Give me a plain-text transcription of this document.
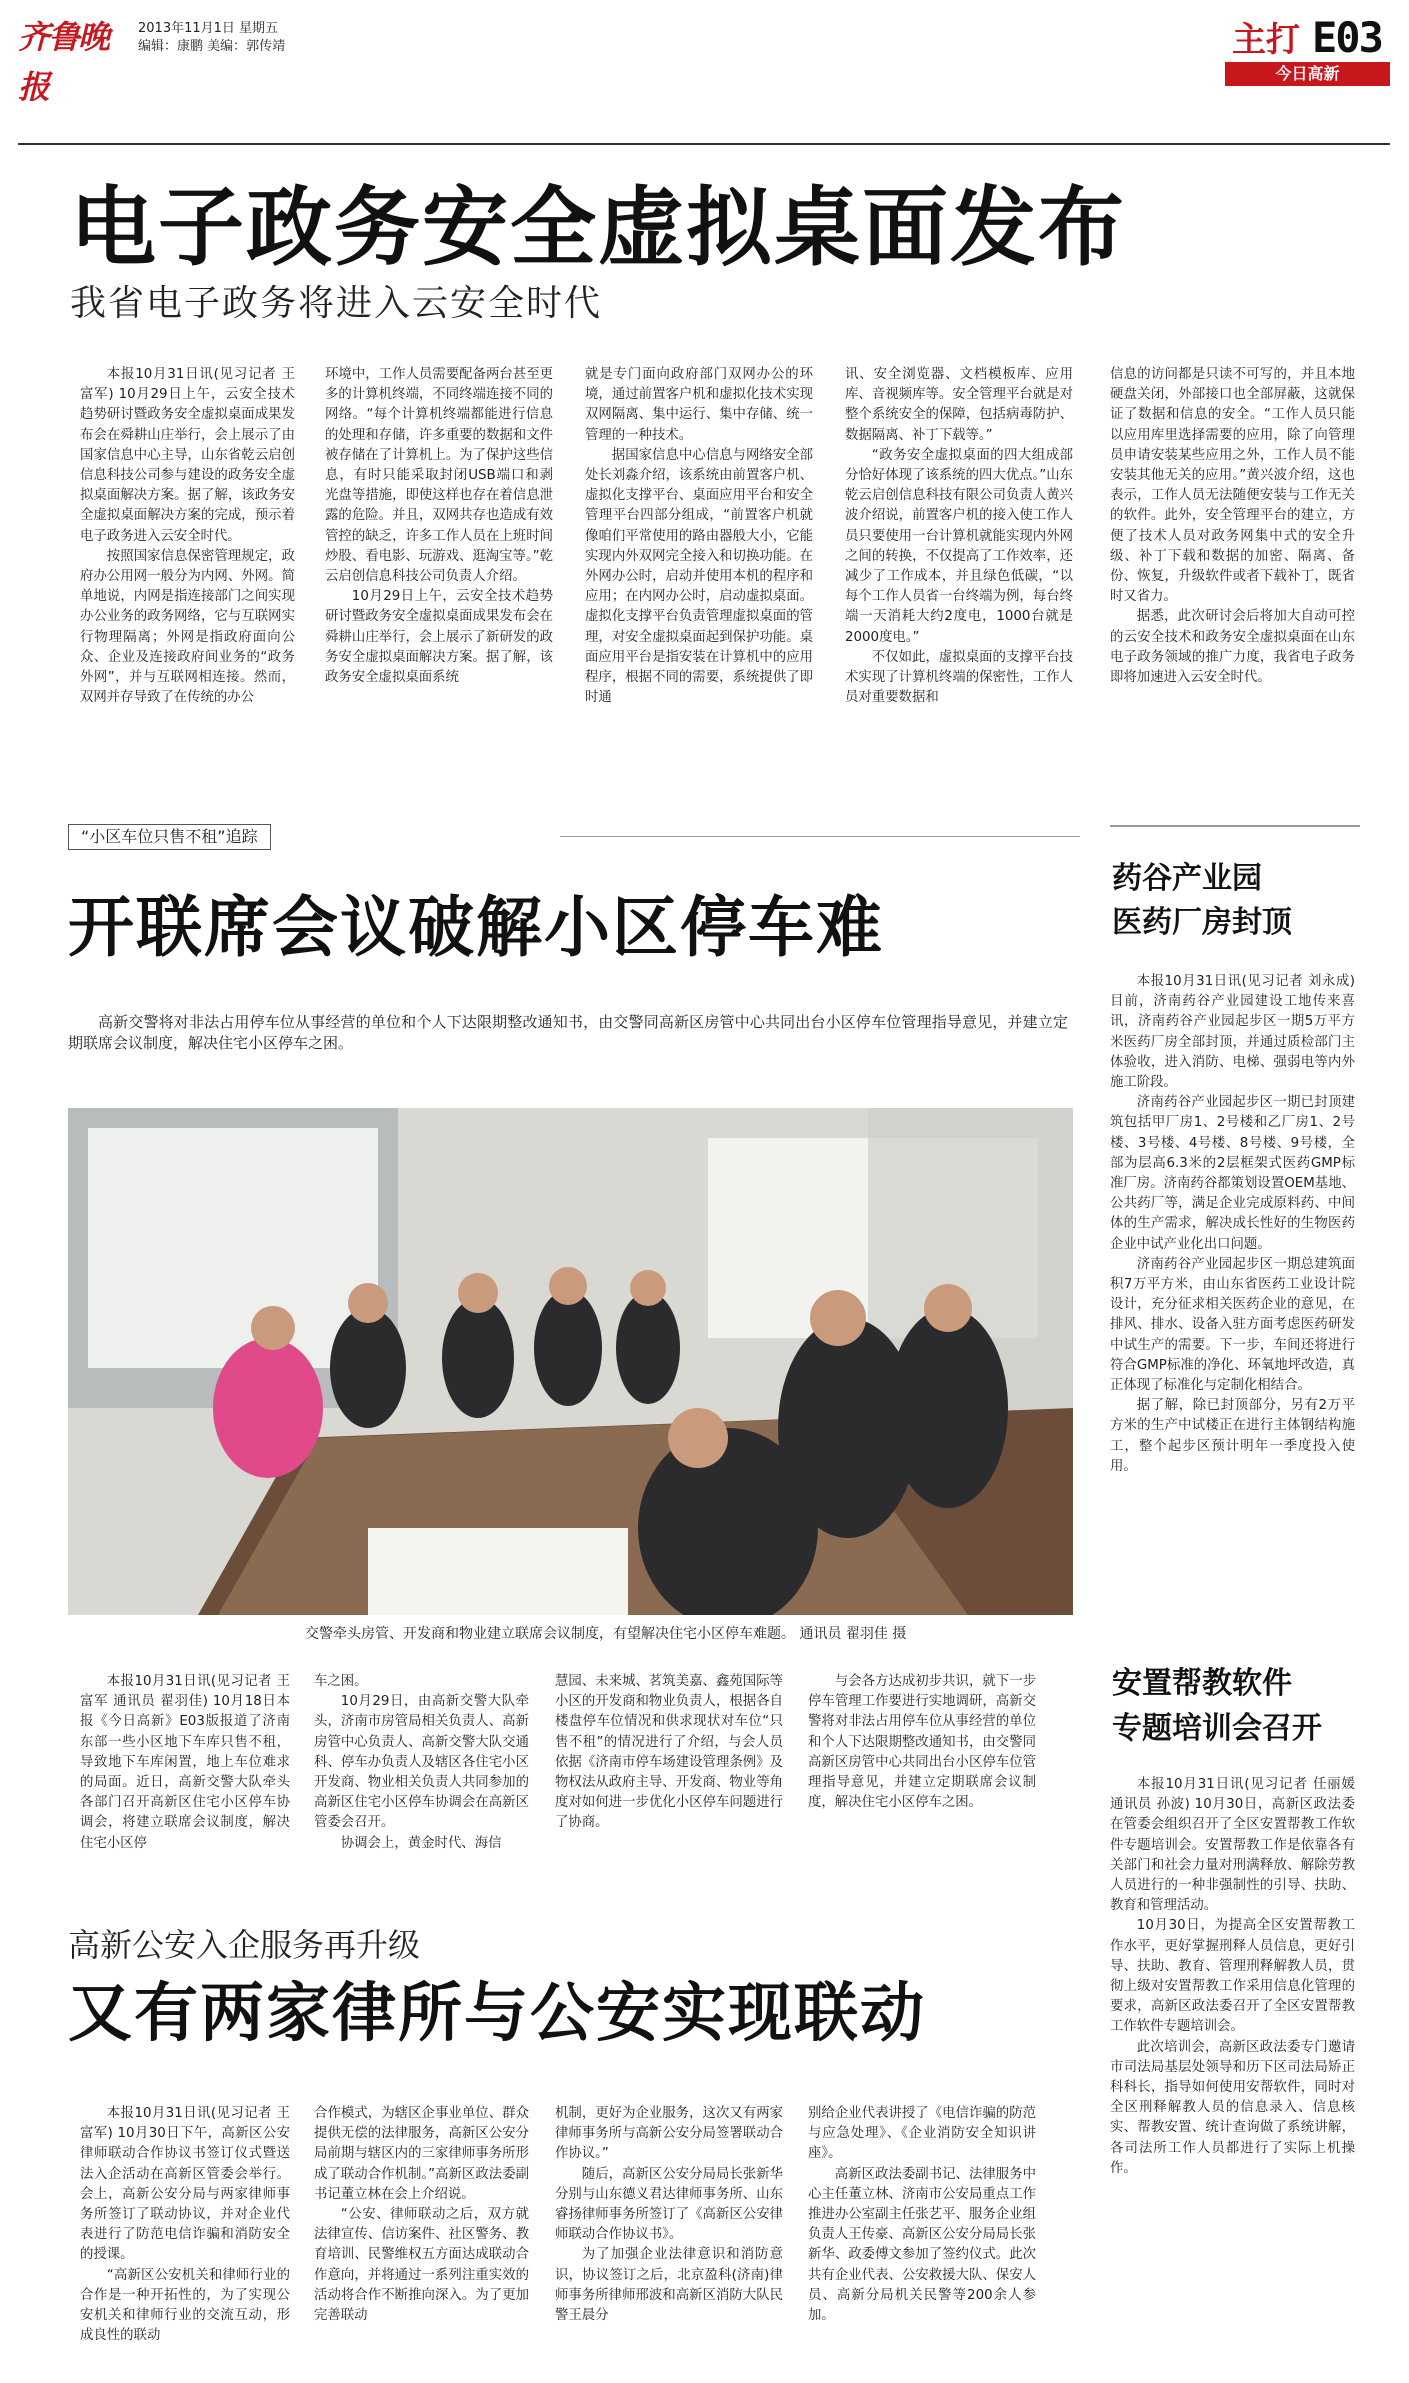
齐鲁晚报
2013年11月1日 星期五
编辑：康鹏 美编：郭传靖	主打 E03
今日高新
电子政务安全虚拟桌面发布
我省电子政务将进入云安全时代

本报10月31日讯(见习记者 王富军) 10月29日上午，云安全技术趋势研讨暨政务安全虚拟桌面成果发布会在舜耕山庄举行，会上展示了由国家信息中心主导，山东省乾云启创信息科技公司参与建设的政务安全虚拟桌面解决方案。据了解，该政务安全虚拟桌面解决方案的完成，预示着电子政务进入云安全时代。

按照国家信息保密管理规定，政府办公用网一般分为内网、外网。简单地说，内网是指连接部门之间实现办公业务的政务网络，它与互联网实行物理隔离；外网是指政府面向公众、企业及连接政府间业务的“政务外网”，并与互联网相连接。然而，双网并存导致了在传统的办公

环境中，工作人员需要配备两台甚至更多的计算机终端，不同终端连接不同的网络。“每个计算机终端都能进行信息的处理和存储，许多重要的数据和文件被存储在了计算机上。为了保护这些信息，有时只能采取封闭USB端口和剥光盘等措施，即使这样也存在着信息泄露的危险。并且，双网共存也造成有效管控的缺乏，许多工作人员在上班时间炒股、看电影、玩游戏、逛淘宝等。”乾云启创信息科技公司负责人介绍。

10月29日上午，云安全技术趋势研讨暨政务安全虚拟桌面成果发布会在舜耕山庄举行，会上展示了新研发的政务安全虚拟桌面解决方案。据了解，该政务安全虚拟桌面系统

就是专门面向政府部门双网办公的环境，通过前置客户机和虚拟化技术实现双网隔离、集中运行、集中存储、统一管理的一种技术。

据国家信息中心信息与网络安全部处长刘淼介绍，该系统由前置客户机、虚拟化支撑平台、桌面应用平台和安全管理平台四部分组成，“前置客户机就像咱们平常使用的路由器般大小，它能实现内外双网完全接入和切换功能。在外网办公时，启动并使用本机的程序和应用；在内网办公时，启动虚拟桌面。虚拟化支撑平台负责管理虚拟桌面的管理，对安全虚拟桌面起到保护功能。桌面应用平台是指安装在计算机中的应用程序，根据不同的需要，系统提供了即时通

讯、安全浏览器、文档模板库、应用库、音视频库等。安全管理平台就是对整个系统安全的保障，包括病毒防护、数据隔离、补丁下载等。”

“政务安全虚拟桌面的四大组成部分恰好体现了该系统的四大优点。”山东乾云启创信息科技有限公司负责人黄兴波介绍说，前置客户机的接入使工作人员只要使用一台计算机就能实现内外网之间的转换，不仅提高了工作效率，还减少了工作成本，并且绿色低碳，“以每个工作人员省一台终端为例，每台终端一天消耗大约2度电，1000台就是2000度电。”

不仅如此，虚拟桌面的支撑平台技术实现了计算机终端的保密性，工作人员对重要数据和

信息的访问都是只读不可写的，并且本地硬盘关闭，外部接口也全部屏蔽，这就保证了数据和信息的安全。“工作人员只能以应用库里选择需要的应用，除了向管理员申请安装某些应用之外，工作人员不能安装其他无关的应用。”黄兴波介绍，这也表示，工作人员无法随便安装与工作无关的软件。此外，安全管理平台的建立，方便了技术人员对政务网集中式的安全升级、补丁下载和数据的加密、隔离、备份、恢复，升级软件或者下载补丁，既省时又省力。

据悉，此次研讨会后将加大自动可控的云安全技术和政务安全虚拟桌面在山东电子政务领域的推广力度，我省电子政务即将加速进入云安全时代。

“小区车位只售不租”追踪
开联席会议破解小区停车难

高新交警将对非法占用停车位从事经营的单位和个人下达限期整改通知书，由交警同高新区房管中心共同出台小区停车位管理指导意见，并建立定期联席会议制度，解决住宅小区停车之困。

交警牵头房管、开发商和物业建立联席会议制度，有望解决住宅小区停车难题。 通讯员 翟羽佳 摄

本报10月31日讯(见习记者 王富军 通讯员 翟羽佳) 10月18日本报《今日高新》E03版报道了济南东部一些小区地下车库只售不租，导致地下车库闲置，地上车位难求的局面。近日，高新交警大队牵头各部门召开高新区住宅小区停车协调会，将建立联席会议制度，解决住宅小区停

车之困。

10月29日，由高新交警大队牵头，济南市房管局相关负责人、高新房管中心负责人、高新交警大队交通科、停车办负责人及辖区各住宅小区开发商、物业相关负责人共同参加的高新区住宅小区停车协调会在高新区管委会召开。

协调会上，黄金时代、海信

慧园、未来城、茗筑美嘉、鑫苑国际等小区的开发商和物业负责人，根据各自楼盘停车位情况和供求现状对车位“只售不租”的情况进行了介绍，与会人员依据《济南市停车场建设管理条例》及物权法从政府主导、开发商、物业等角度对如何进一步优化小区停车问题进行了协商。

与会各方达成初步共识，就下一步停车管理工作要进行实地调研，高新交警将对非法占用停车位从事经营的单位和个人下达限期整改通知书，由交警同高新区房管中心共同出台小区停车位管理指导意见，并建立定期联席会议制度，解决住宅小区停车之困。

高新公安入企服务再升级
又有两家律所与公安实现联动

本报10月31日讯(见习记者 王富军) 10月30日下午，高新区公安律师联动合作协议书签订仪式暨送法入企活动在高新区管委会举行。会上，高新公安分局与两家律师事务所签订了联动协议，并对企业代表进行了防范电信诈骗和消防安全的授课。

“高新区公安机关和律师行业的合作是一种开拓性的，为了实现公安机关和律师行业的交流互动，形成良性的联动

合作模式，为辖区企事业单位、群众提供无偿的法律服务，高新区公安分局前期与辖区内的三家律师事务所形成了联动合作机制。”高新区政法委副书记董立林在会上介绍说。

“公安、律师联动之后，双方就法律宣传、信访案件、社区警务、教育培训、民警维权五方面达成联动合作意向，并将通过一系列注重实效的活动将合作不断推向深入。为了更加完善联动

机制，更好为企业服务，这次又有两家律师事务所与高新公安分局签署联动合作协议。”

随后，高新区公安分局局长张新华分别与山东德义君达律师事务所、山东睿扬律师事务所签订了《高新区公安律师联动合作协议书》。

为了加强企业法律意识和消防意识，协议签订之后，北京盈科(济南)律师事务所律师邢波和高新区消防大队民警王晨分

别给企业代表讲授了《电信诈骗的防范与应急处理》、《企业消防安全知识讲座》。

高新区政法委副书记、法律服务中心主任董立林、济南市公安局重点工作推进办公室副主任张艺平、服务企业组负责人王传豪、高新区公安分局局长张新华、政委傅文参加了签约仪式。此次共有企业代表、公安救援大队、保安人员、高新分局机关民警等200余人参加。

药谷产业园
医药厂房封顶

本报10月31日讯(见习记者 刘永成) 目前，济南药谷产业园建设工地传来喜讯，济南药谷产业园起步区一期5万平方米医药厂房全部封顶，并通过质检部门主体验收，进入消防、电梯、强弱电等内外施工阶段。

济南药谷产业园起步区一期已封顶建筑包括甲厂房1、2号楼和乙厂房1、2号楼、3号楼、4号楼、8号楼、9号楼，全部为层高6.3米的2层框架式医药GMP标准厂房。济南药谷都策划设置OEM基地、公共药厂等，满足企业完成原料药、中间体的生产需求，解决成长性好的生物医药企业中试产业化出口问题。

济南药谷产业园起步区一期总建筑面积7万平方米，由山东省医药工业设计院设计，充分征求相关医药企业的意见，在排风、排水、设备入驻方面考虑医药研发中试生产的需要。下一步，车间还将进行符合GMP标准的净化、环氧地坪改造，真正体现了标准化与定制化相结合。

据了解，除已封顶部分，另有2万平方米的生产中试楼正在进行主体钢结构施工，整个起步区预计明年一季度投入使用。

安置帮教软件
专题培训会召开

本报10月31日讯(见习记者 任丽媛 通讯员 孙波) 10月30日，高新区政法委在管委会组织召开了全区安置帮教工作软件专题培训会。安置帮教工作是依靠各有关部门和社会力量对刑满释放、解除劳教人员进行的一种非强制性的引导、扶助、教育和管理活动。

10月30日，为提高全区安置帮教工作水平，更好掌握刑释人员信息，更好引导、扶助、教育、管理刑释解教人员，贯彻上级对安置帮教工作采用信息化管理的要求，高新区政法委召开了全区安置帮教工作软件专题培训会。

此次培训会，高新区政法委专门邀请市司法局基层处领导和历下区司法局矫正科科长，指导如何使用安帮软件，同时对全区刑释解教人员的信息录入、信息核实、帮教安置、统计查询做了系统讲解，各司法所工作人员都进行了实际上机操作。
